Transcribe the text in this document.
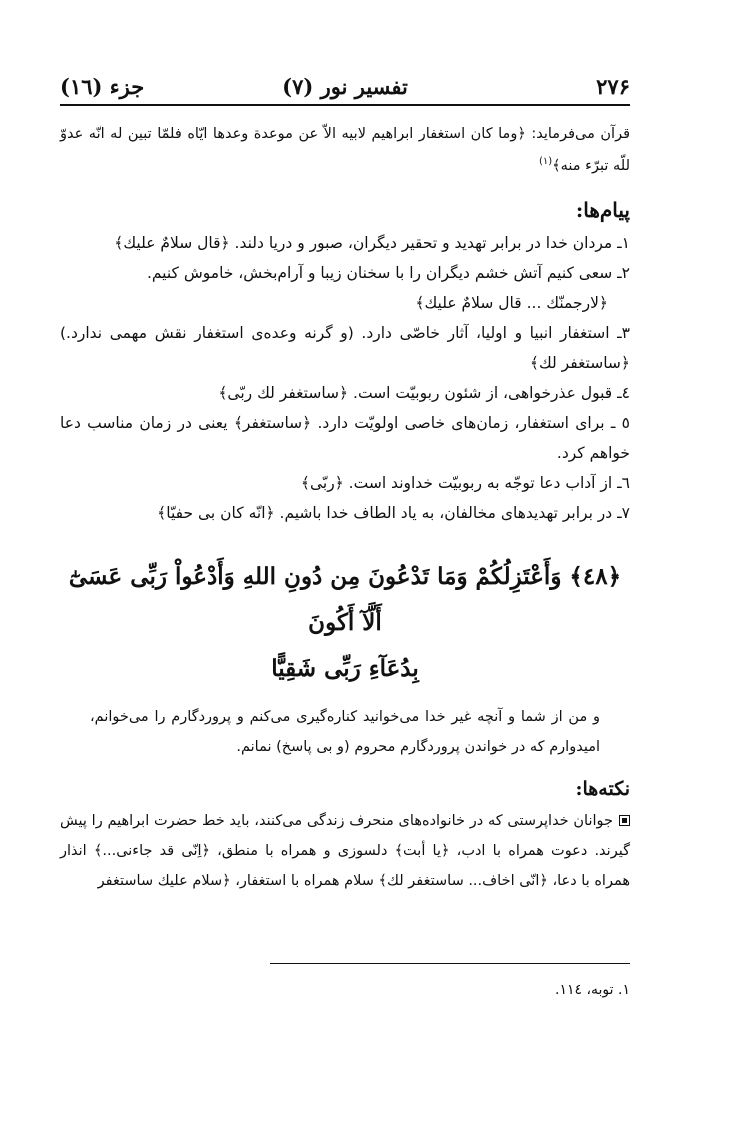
۲۷۶
تفسیر نور (۷)
جزء (۱٦)
قرآن می‌فرماید: ﴿وما کان استغفار ابراهیم لابیه الاّ عن موعدة وعدها ایّاه فلمّا تبین له انّه عدوّ للّه تبرّء منه﴾$^{(۱)}$
پیام‌ها:

۱ـ مردان خدا در برابر تهدید و تحقیر دیگران، صبور و دریا دلند. ﴿قال سلامٌ علیك﴾

۲ـ سعی کنیم آتش خشم دیگران را با سخنان زیبا و آرام‌بخش، خاموش کنیم.

﴿لارجمنّك ... قال سلامٌ علیك﴾

۳ـ استغفار انبیا و اولیا، آثار خاصّی دارد. (و گرنه وعده‌ی استغفار نقش مهمی ندارد.) ﴿ساستغفر لك﴾

٤ـ قبول عذرخواهی، از شئون ربوبیّت است. ﴿ساستغفر لك ربّی﴾

٥ ـ برای استغفار، زمان‌های خاصی اولویّت دارد. ﴿ساستغفر﴾ یعنی در زمان مناسب دعا خواهم کرد.

٦ـ از آداب دعا توجّه به ربوبیّت خداوند است. ﴿ربّی﴾

۷ـ در برابر تهدیدهای مخالفان، به یاد الطاف خدا باشیم. ﴿انّه کان بی حفیّا﴾

﴿٤٨﴾ وَأَعْتَزِلُكُمْ وَمَا تَدْعُونَ مِن دُونِ اللهِ وَأَدْعُواْ رَبِّى عَسَىٰٓ أَلَّآ أَكُونَ
بِدُعَآءِ رَبِّى شَقِيًّا
و من از شما و آنچه غیر خدا می‌خوانید کناره‌گیری می‌کنم و پروردگارم را می‌خوانم، امیدوارم که در خواندن پروردگارم محروم (و بی پاسخ) نمانم.
نکته‌ها:
جوانان خداپرستی که در خانواده‌های منحرف زندگی می‌کنند، باید خط حضرت ابراهیم را پیش گیرند. دعوت همراه با ادب، ﴿یا أبت﴾ دلسوزی و همراه با منطق، ﴿اِنّی قد جاءنی...﴾ انذار همراه با دعا، ﴿انّی اخاف... ساستغفر لك﴾ سلام همراه با استغفار، ﴿سلام علیك ساستغفر
۱. توبه، ۱۱٤.
